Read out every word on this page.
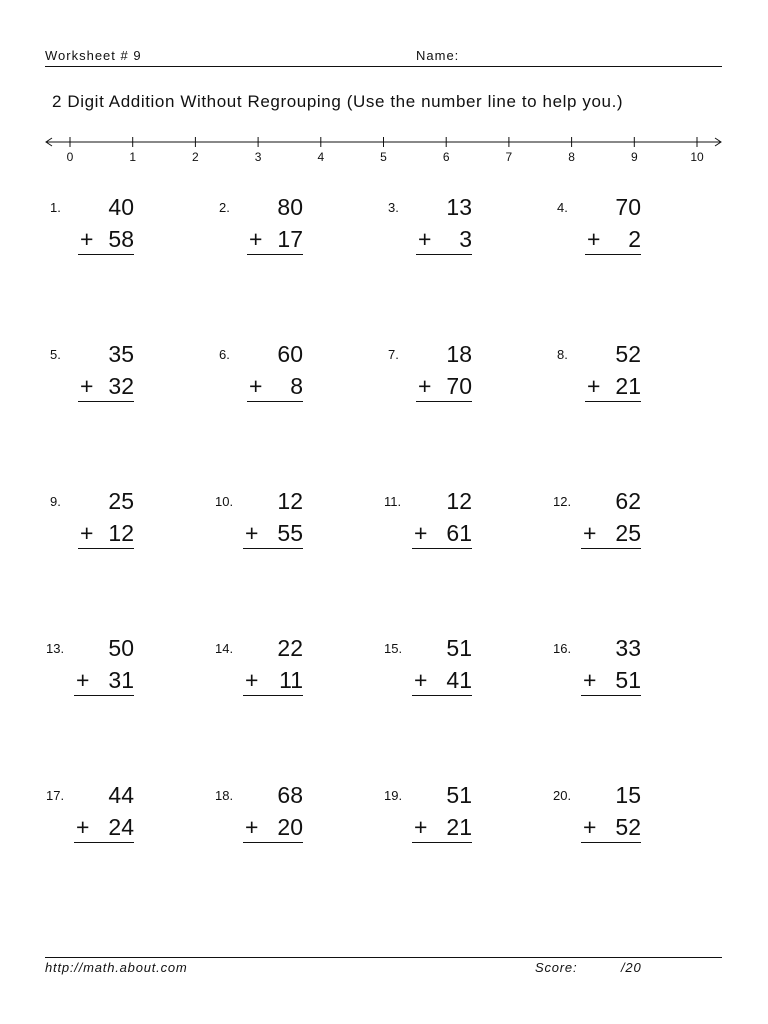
Worksheet # 9	Name:
2 Digit Addition Without Regrouping (Use the number line to help you.)
0	1	2	3	4	5	6	7	8	9	10
1. 40
+ 58
2. 80
+ 17
3. 13
+ 3
4. 70
+ 2
5. 35
+ 32
6. 60
+ 8
7. 18
+ 70
8. 52
+ 21
9. 25
+ 12
10. 12
+ 55
11. 12
+ 61
12. 62
+ 25
13. 50
+ 31
14. 22
+ 11
15. 51
+ 41
16. 33
+ 51
17. 44
+ 24
18. 68
+ 20
19. 51
+ 21
20. 15
+ 52
http://math.about.com	Score:	/20
